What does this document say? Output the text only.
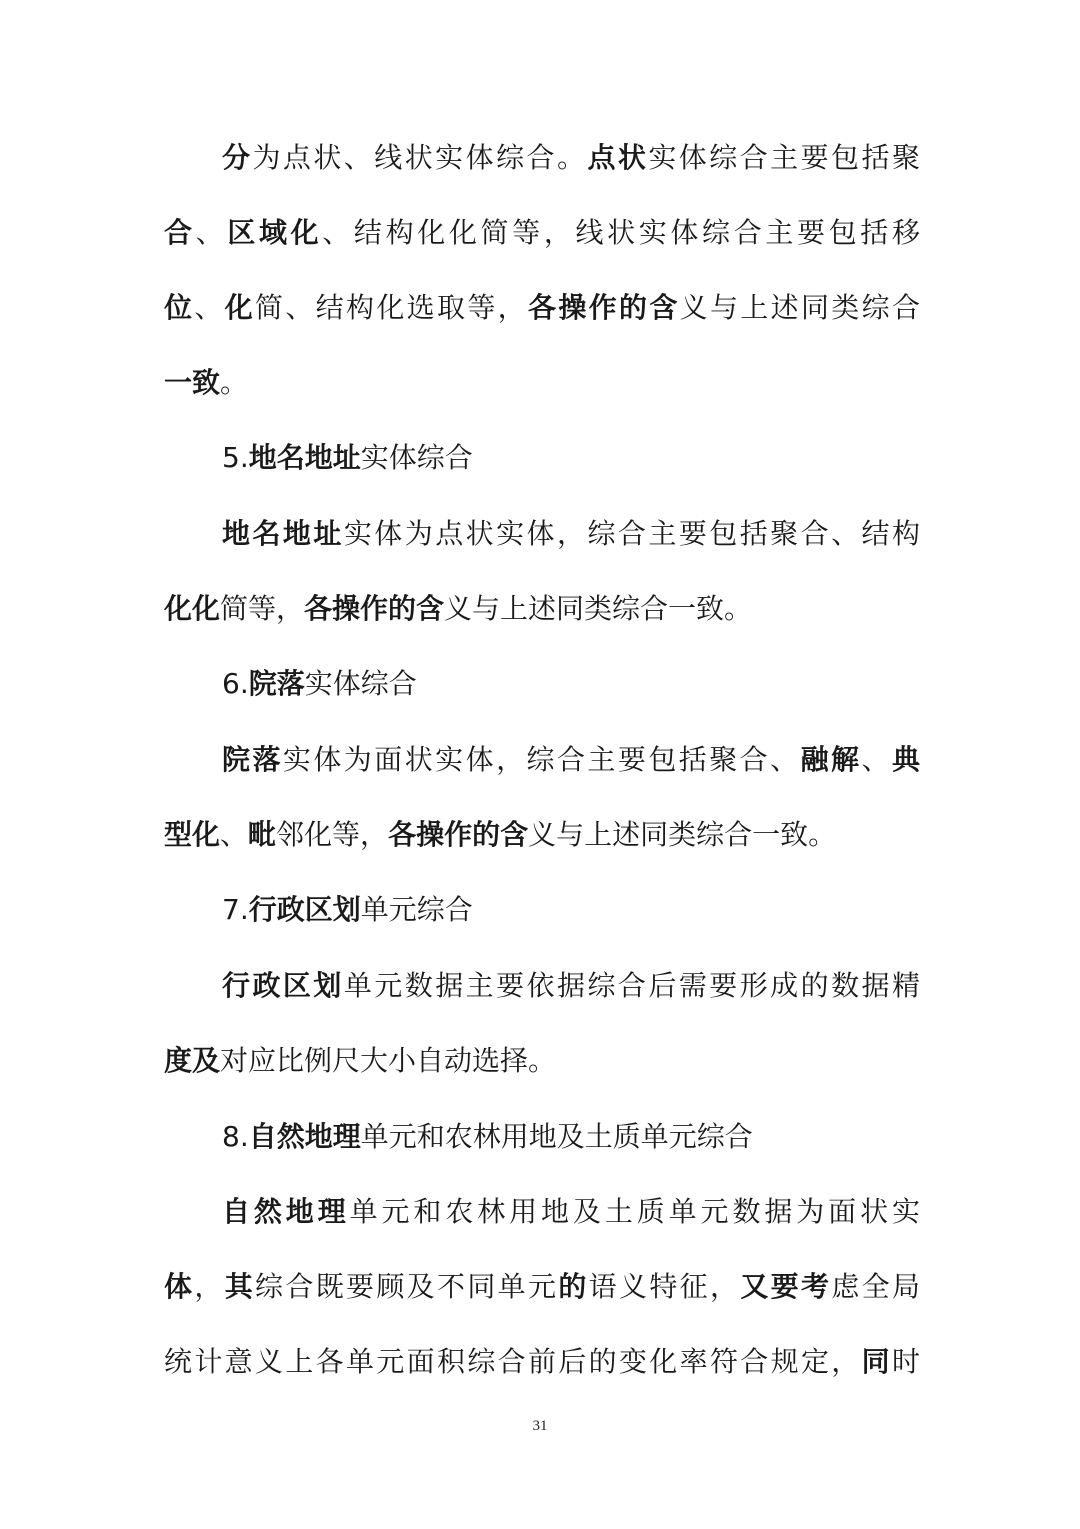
分为点状、线状实体综合。点状实体综合主要包括聚
合、区域化、结构化化简等，线状实体综合主要包括移
位、化简、结构化选取等，各操作的含义与上述同类综合
一致。
5.地名地址实体综合
地名地址实体为点状实体，综合主要包括聚合、结构
化化简等，各操作的含义与上述同类综合一致。
6.院落实体综合
院落实体为面状实体，综合主要包括聚合、融解、典
型化、毗邻化等，各操作的含义与上述同类综合一致。
7.行政区划单元综合
行政区划单元数据主要依据综合后需要形成的数据精
度及对应比例尺大小自动选择。
8.自然地理单元和农林用地及土质单元综合
自然地理单元和农林用地及土质单元数据为面状实
体，其综合既要顾及不同单元的语义特征，又要考虑全局
统计意义上各单元面积综合前后的变化率符合规定，同时
31
